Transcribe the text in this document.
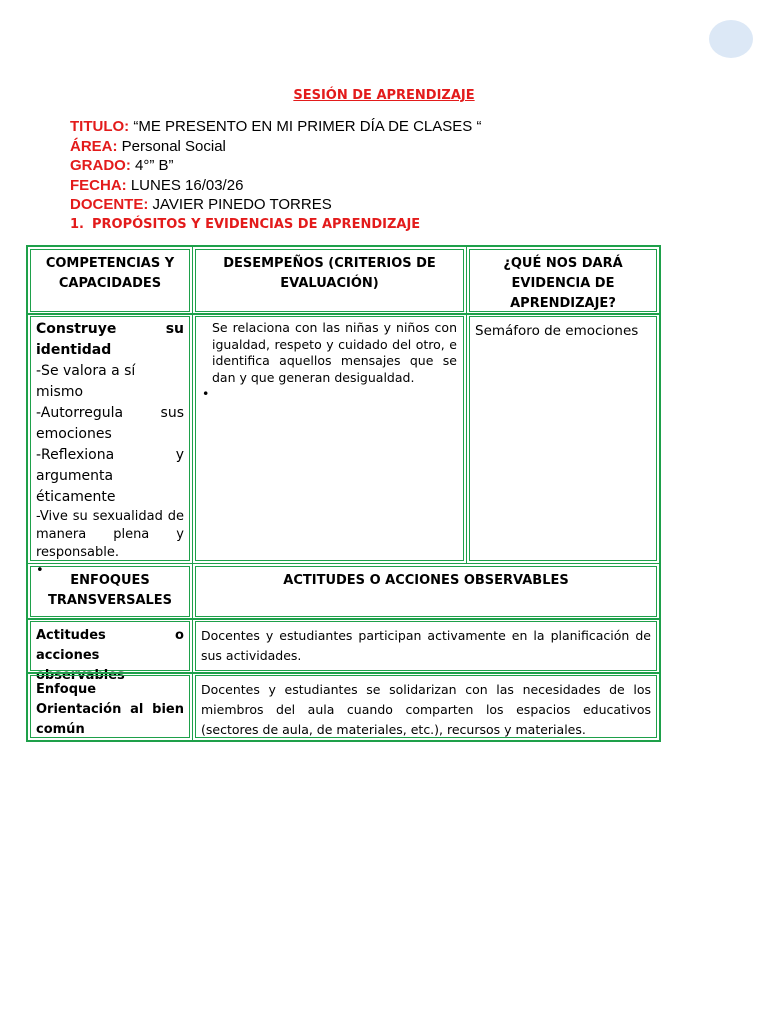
SESIÓN DE APRENDIZAJE
TITULO: “ME PRESENTO EN MI PRIMER DÍA DE CLASES “
ÁREA: Personal Social
GRADO: 4°” B”
FECHA: LUNES 16/03/26
DOCENTE: JAVIER PINEDO TORRES
1. PROPÓSITOS Y EVIDENCIAS DE APRENDIZAJE
COMPETENCIAS Y CAPACIDADES
DESEMPEÑOS (CRITERIOS DE EVALUACIÓN)
¿QUÉ NOS DARÁ EVIDENCIA DE APRENDIZAJE?
Construye su identidad
-Se valora a sí mismo
-Autorregula sus emociones
-Reflexiona y argumenta éticamente
-Vive su sexualidad de manera plena y responsable.
•
Se relaciona con las niñas y niños con igualdad, respeto y cuidado del otro, e identifica aquellos mensajes que se dan y que generan desigualdad.
•
Semáforo de emociones
ENFOQUES TRANSVERSALES
ACTITUDES O ACCIONES OBSERVABLES
Actitudes o acciones observables
Docentes y estudiantes participan activamente en la planificación de sus actividades.
Enfoque Orientación al bien común
Docentes y estudiantes se solidarizan con las necesidades de los miembros del aula cuando comparten los espacios educativos (sectores de aula, de materiales, etc.), recursos y materiales.
